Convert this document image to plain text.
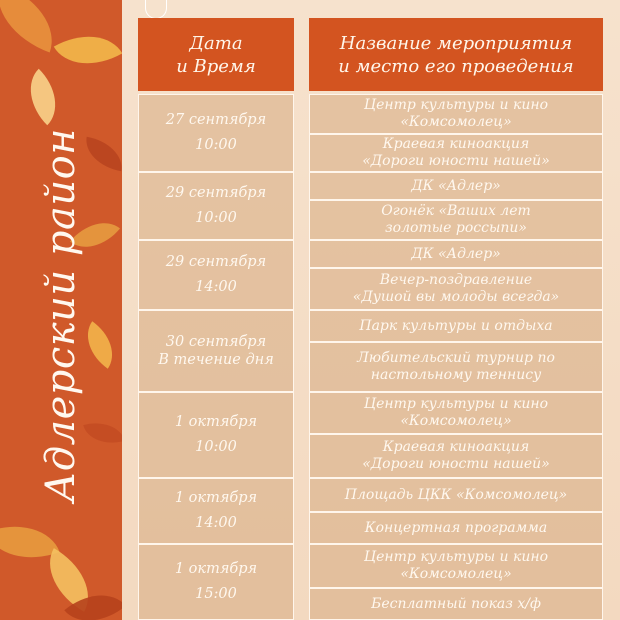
Адлерский район
Дата
и Время
Название мероприятия
и место его проведения
27 сентября
10:00
Центр культуры и кино
«Комсомолец»
Краевая киноакция
«Дороги юности нашей»
29 сентября
10:00
ДК «Адлер»
Огонёк «Ваших лет
золотые россыпи»
29 сентября
14:00
ДК «Адлер»
Вечер-поздравление
«Душой вы молоды всегда»
30 сентября
В течение дня
Парк культуры и отдыха
Любительский турнир по
настольному теннису
1 октября
10:00
Центр культуры и кино
«Комсомолец»
Краевая киноакция
«Дороги юности нашей»
1 октября
14:00
Площадь ЦКК «Комсомолец»
Концертная программа
1 октября
15:00
Центр культуры и кино
«Комсомолец»
Бесплатный показ х/ф
